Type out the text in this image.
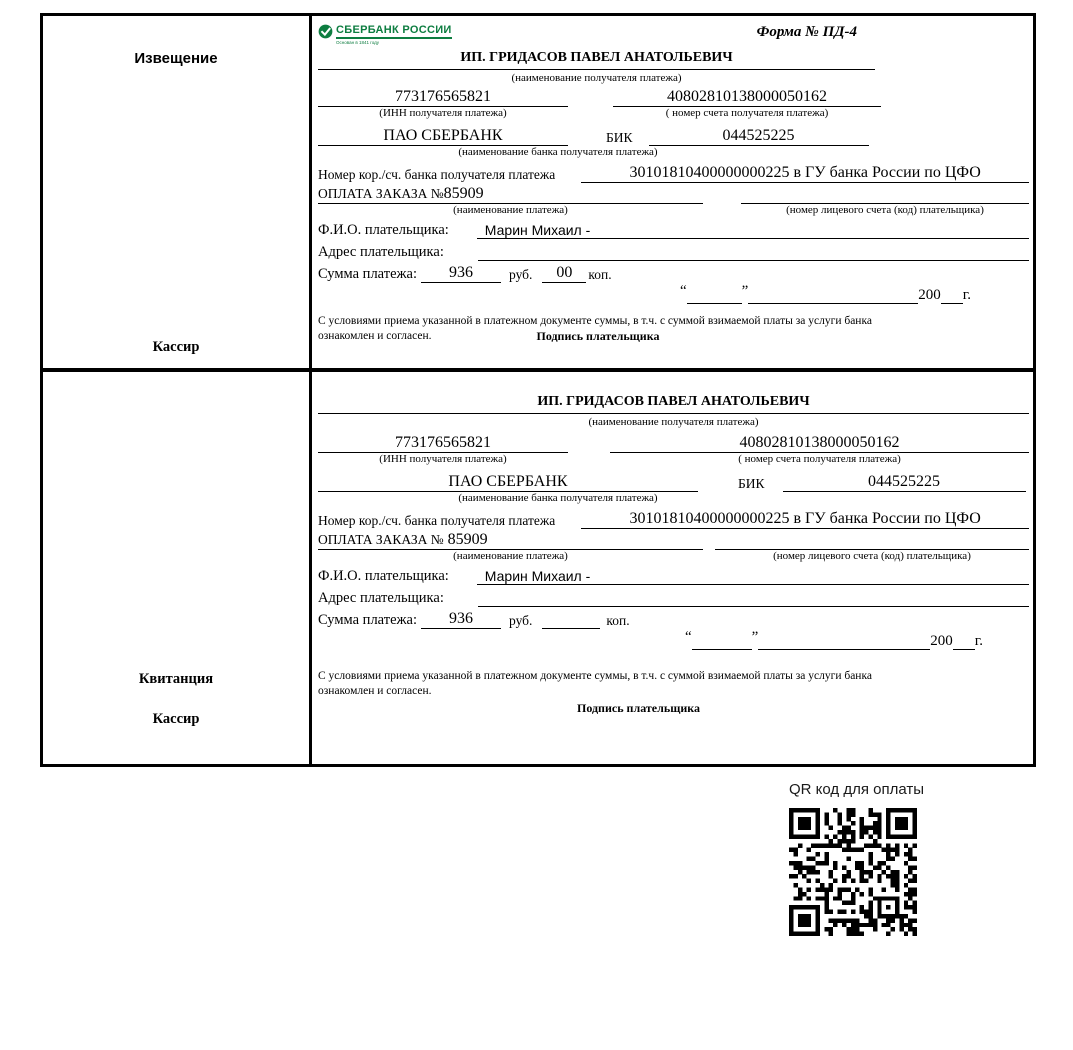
Извещение
Кассир
СБЕРБАНК РОССИИ
Основан в 1841 году
Форма № ПД-4
ИП. ГРИДАСОВ ПАВЕЛ АНАТОЛЬЕВИЧ
(наименование получателя платежа)
773176565821	40802810138000050162
(ИНН получателя платежа)	( номер счета получателя платежа)
ПАО СБЕРБАНК	БИК	044525225
(наименование банка получателя платежа)
Номер кор./сч. банка получателя платежа	30101810400000000225 в ГУ банка России по ЦФО
ОПЛАТА ЗАКАЗА №85909

(наименование платежа)	(номер лицевого счета (код) плательщика)
Ф.И.О. плательщика:	Марин Михаил -
Адрес плательщика:

Сумма платежа:	936	руб.	00	коп.
“	”	200 г.
С условиями приема указанной в платежном документе суммы, в т.ч. с суммой взимаемой платы за услуги банка
ознакомлен и согласен.	Подпись плательщика
Квитанция
Кассир
ИП. ГРИДАСОВ ПАВЕЛ АНАТОЛЬЕВИЧ
(наименование получателя платежа)
773176565821	40802810138000050162
(ИНН получателя платежа)	( номер счета получателя платежа)
ПАО СБЕРБАНК	БИК	044525225
(наименование банка получателя платежа)
Номер кор./сч. банка получателя платежа	30101810400000000225 в ГУ банка России по ЦФО
ОПЛАТА ЗАКАЗА № 85909

(наименование платежа)	(номер лицевого счета (код) плательщика)
Ф.И.О. плательщика:	Марин Михаил -
Адрес плательщика:

Сумма платежа:	936	руб.	коп.
“	”	200 г.
С условиями приема указанной в платежном документе суммы, в т.ч. с суммой взимаемой платы за услуги банка
ознакомлен и согласен.
Подпись плательщика
QR код для оплаты
